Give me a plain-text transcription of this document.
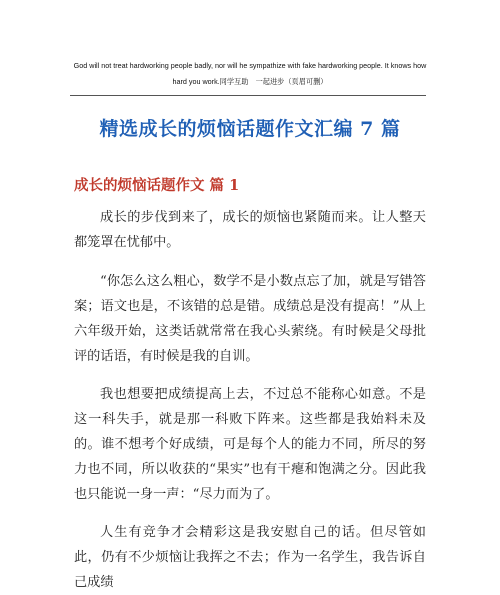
God will not treat hardworking people badly, nor will he sympathize with fake hardworking people. It knows how
hard you work.同学互助　一起进步（页眉可删）
精选成长的烦恼话题作文汇编 7 篇
成长的烦恼话题作文 篇 1

成长的步伐到来了，成长的烦恼也紧随而来。让人整天都笼罩在忧郁中。

“你怎么这么粗心，数学不是小数点忘了加，就是写错答案；语文也是，不该错的总是错。成绩总是没有提高！”从上六年级开始，这类话就常常在我心头萦绕。有时候是父母批评的话语，有时候是我的自训。

我也想要把成绩提高上去，不过总不能称心如意。不是这一科失手，就是那一科败下阵来。这些都是我始料未及的。谁不想考个好成绩，可是每个人的能力不同，所尽的努力也不同，所以收获的“果实”也有干瘪和饱满之分。因此我也只能说一身一声：“尽力而为了。

人生有竞争才会精彩这是我安慰自己的话。但尽管如此，仍有不少烦恼让我挥之不去；作为一名学生，我告诉自己成绩
